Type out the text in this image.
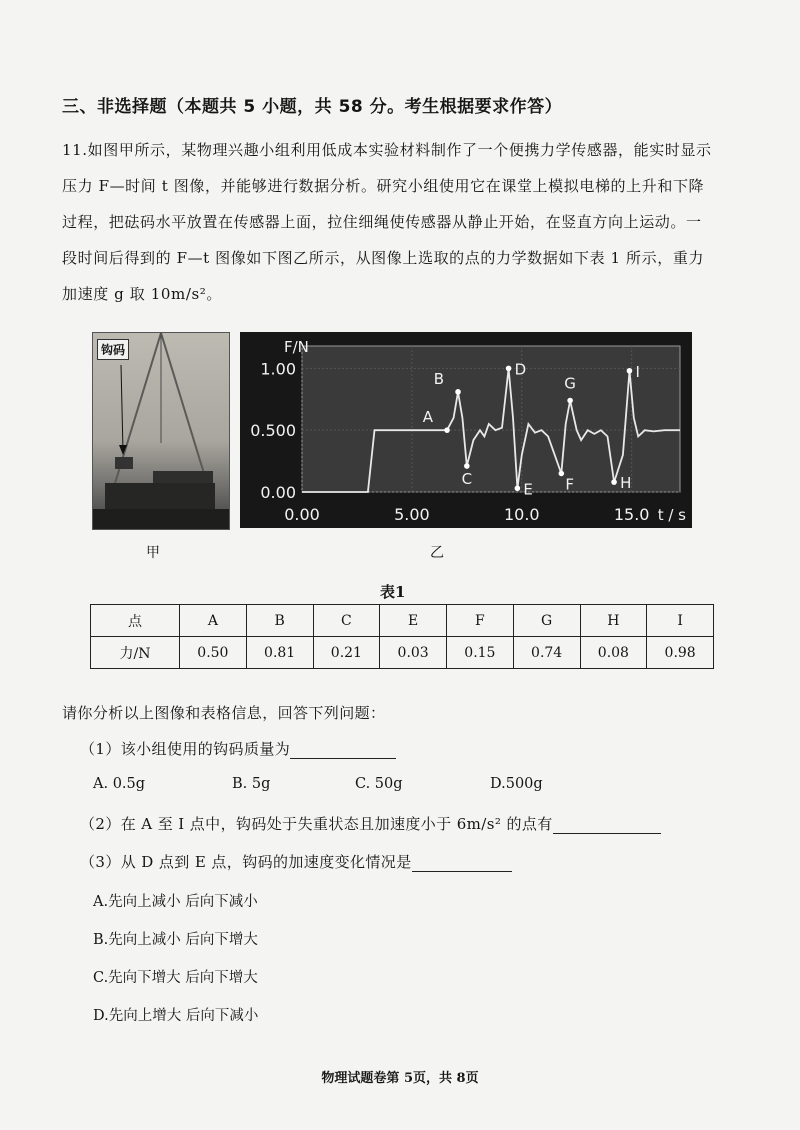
三、非选择题（本题共 5 小题，共 58 分。考生根据要求作答）

11.如图甲所示，某物理兴趣小组利用低成本实验材料制作了一个便携力学传感器，能实时显示

压力 F—时间 t 图像，并能够进行数据分析。研究小组使用它在课堂上模拟电梯的上升和下降

过程，把砝码水平放置在传感器上面，拉住细绳使传感器从静止开始，在竖直方向上运动。一

段时间后得到的 F—t 图像如下图乙所示，从图像上选取的点的力学数据如下表 1 所示，重力

加速度 g 取 10m/s²。

钩码
0.00
0.500
1.00
0.00	5.00	10.0	15.0
F/N
t / s
A
B
C
D
E F
G
H
I
甲	乙
表1
点	A	B	C	E	F	G	H	I
力/N	0.50	0.81	0.21	0.03	0.15	0.74	0.08	0.98
请你分析以上图像和表格信息，回答下列问题：
（1）该小组使用的钩码质量为
A. 0.5g	B. 5g	C. 50g	D.500g
（2）在 A 至 I 点中，钩码处于失重状态且加速度小于 6m/s² 的点有
（3）从 D 点到 E 点，钩码的加速度变化情况是
A.先向上减小 后向下减小
B.先向上减小 后向下增大
C.先向下增大 后向下增大
D.先向上增大 后向下减小
物理试题卷第 5页，共 8页
